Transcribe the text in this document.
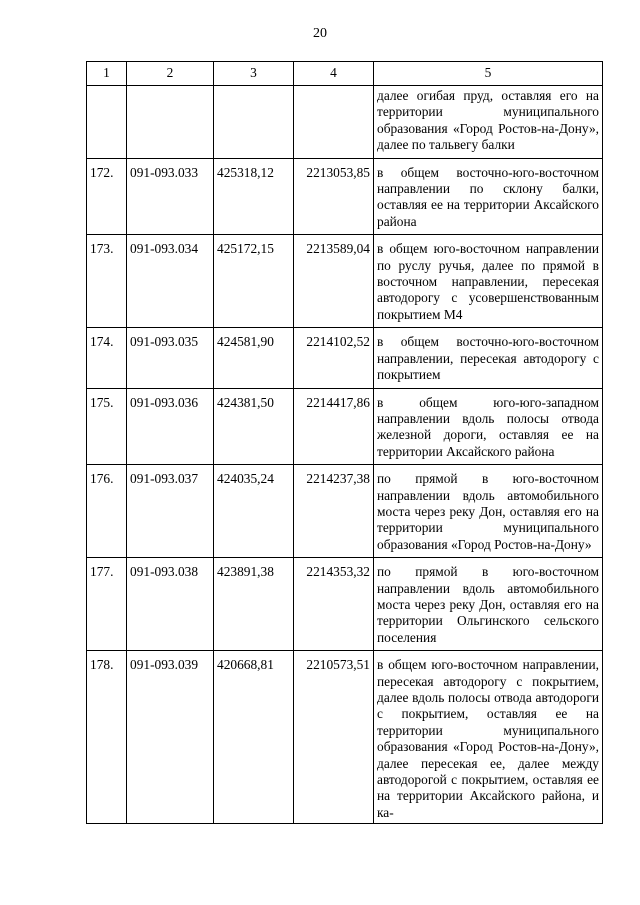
20
1	2	3	4	5
				далее огибая пруд, оставляя его на территории муниципального образования «Город Ростов-на-Дону», далее по тальвегу балки
172.	091-093.033	425318,12	2213053,85	в общем восточно-юго-восточном направлении по склону балки, оставляя ее на территории Аксайского района
173.	091-093.034	425172,15	2213589,04	в общем юго-восточном направлении по руслу ручья, далее по прямой в восточном направлении, пересекая автодорогу с усовершенствованным покрытием М4
174.	091-093.035	424581,90	2214102,52	в общем восточно-юго-восточном направлении, пересекая автодорогу с покрытием
175.	091-093.036	424381,50	2214417,86	в общем юго-юго-западном направлении вдоль полосы отвода железной дороги, оставляя ее на территории Аксайского района
176.	091-093.037	424035,24	2214237,38	по прямой в юго-восточном направлении вдоль автомобильного моста через реку Дон, оставляя его на территории муниципального образования «Город Ростов-на-Дону»
177.	091-093.038	423891,38	2214353,32	по прямой в юго-восточном направлении вдоль автомобильного моста через реку Дон, оставляя его на территории Ольгинского сельского поселения
178.	091-093.039	420668,81	2210573,51	в общем юго-восточном направлении, пересекая автодорогу с покрытием, далее вдоль полосы отвода автодороги с покрытием, оставляя ее на территории муниципального образования «Город Ростов-на-Дону», далее пересекая ее, далее между автодорогой с покрытием, оставляя ее на территории Аксайского района, и ка-
